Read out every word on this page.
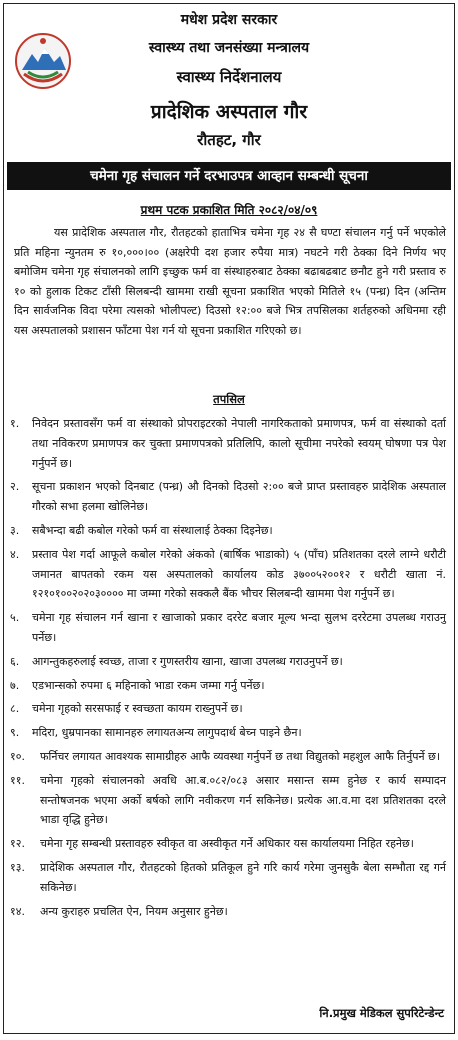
मधेश प्रदेश सरकार
स्वास्थ्य तथा जनसंख्या मन्त्रालय
स्वास्थ्य निर्देशनालय
प्रादेशिक अस्पताल गौर
रौतहट, गौर
चमेना गृह संचालन गर्ने दरभाउपत्र आव्हान सम्बन्धी सूचना
प्रथम पटक प्रकाशित मिति २०८२/०४/०९
यस प्रादेशिक अस्पताल गौर, रौतहटको हाताभित्र चमेना गृह २४ सै घण्टा संचालन गर्नु पर्ने भएकोले प्रति महिना न्युनतम रु १०,०००।०० (अक्षरेपी दश हजार रुपैया मात्र) नघटने गरी ठेक्का दिने निर्णय भए बमोजिम चमेना गृह संचालनको लागि इच्छुक फर्म वा संस्थाहरुबाट ठेक्का बढाबढबाट छनौट हुने गरी प्रस्ताव रु १० को हुलाक टिकट टाँसी सिलबन्दी खाममा राखी सूचना प्रकाशित भएको मितिले १५ (पन्ध्र) दिन (अन्तिम दिन सार्वजनिक विदा परेमा त्यसको भोलीपल्ट) दिउसो १२:०० बजे भित्र तपसिलका शर्तहरुको अधिनमा रही यस अस्पतालको प्रशासन फाँटमा पेश गर्न यो सूचना प्रकाशित गरिएको छ।
तपसिल
१. निवेदन प्रस्तावसँग फर्म वा संस्थाको प्रोपराइटरको नेपाली नागरिकताको प्रमाणपत्र, फर्म वा संस्थाको दर्ता तथा नविकरण प्रमाणपत्र कर चुक्ता प्रमाणपत्रको प्रतिलिपि, कालो सूचीमा नपरेको स्वयम् घोषणा पत्र पेश गर्नुपर्ने छ।
२. सूचना प्रकाशन भएको दिनबाट (पन्ध्र) औ दिनको दिउसो २:०० बजे प्राप्त प्रस्तावहरु प्रादेशिक अस्पताल गौरको सभा हलमा खोलिनेछ।
३. सबैभन्दा बढी कबोल गरेको फर्म वा संस्थालाई ठेक्का दिइनेछ।
४. प्रस्ताव पेश गर्दा आफूले कबोल गरेको अंकको (बार्षिक भाडाको) ५ (पाँच) प्रतिशतका दरले लाग्ने धरौटी जमानत बापतको रकम यस अस्पतालको कार्यालय कोड ३७००५२००१२ र धरौटी खाता नं. १२१०१००२०२०३०००० मा जम्मा गरेको सक्कलै बैंक भौचर सिलबन्दी खाममा पेश गर्नुपर्ने छ।
५. चमेना गृह संचालन गर्न खाना र खाजाको प्रकार दररेट बजार मूल्य भन्दा सुलभ दररेटमा उपलब्ध गराउनु पर्नेछ।
६. आगन्तुकहरुलाई स्वच्छ, ताजा र गुणस्तरीय खाना, खाजा उपलब्ध गराउनुपर्ने छ।
७. एडभान्सको रुपमा ६ महिनाको भाडा रकम जम्मा गर्नु पर्नेछ।
८. चमेना गृहको सरसफाई र स्वच्छता कायम राख्नुपर्ने छ।
९. मदिरा, धुम्रपानका सामानहरु लगायतअन्य लागुपदार्थ बेच्न पाइने छैन।
१०. फर्निचर लगायत आवश्यक सामाग्रीहरु आफै व्यवस्था गर्नुपर्ने छ तथा विद्युतको महशुल आफै तिर्नुपर्ने छ।
११. चमेना गृहको संचालनको अवधि आ.ब.०८२/०८३ असार मसान्त सम्म हुनेछ र कार्य सम्पादन सन्तोषजनक भएमा अर्को बर्षको लागि नवीकरण गर्न सकिनेछ। प्रत्येक आ.व.मा दश प्रतिशतका दरले भाडा वृद्धि हुनेछ।
१२. चमेना गृह सम्बन्धी प्रस्तावहरु स्वीकृत वा अस्वीकृत गर्ने अधिकार यस कार्यालयमा निहित रहनेछ।
१३. प्रादेशिक अस्पताल गौर, रौतहटको हितको प्रतिकूल हुने गरि कार्य गरेमा जुनसुकै बेला सम्भौता रद्द गर्न सकिनेछ।
१४. अन्य कुराहरु प्रचलित ऐन, नियम अनुसार हुनेछ।
नि.प्रमुख मेडिकल सुपरिटेन्डेन्ट
